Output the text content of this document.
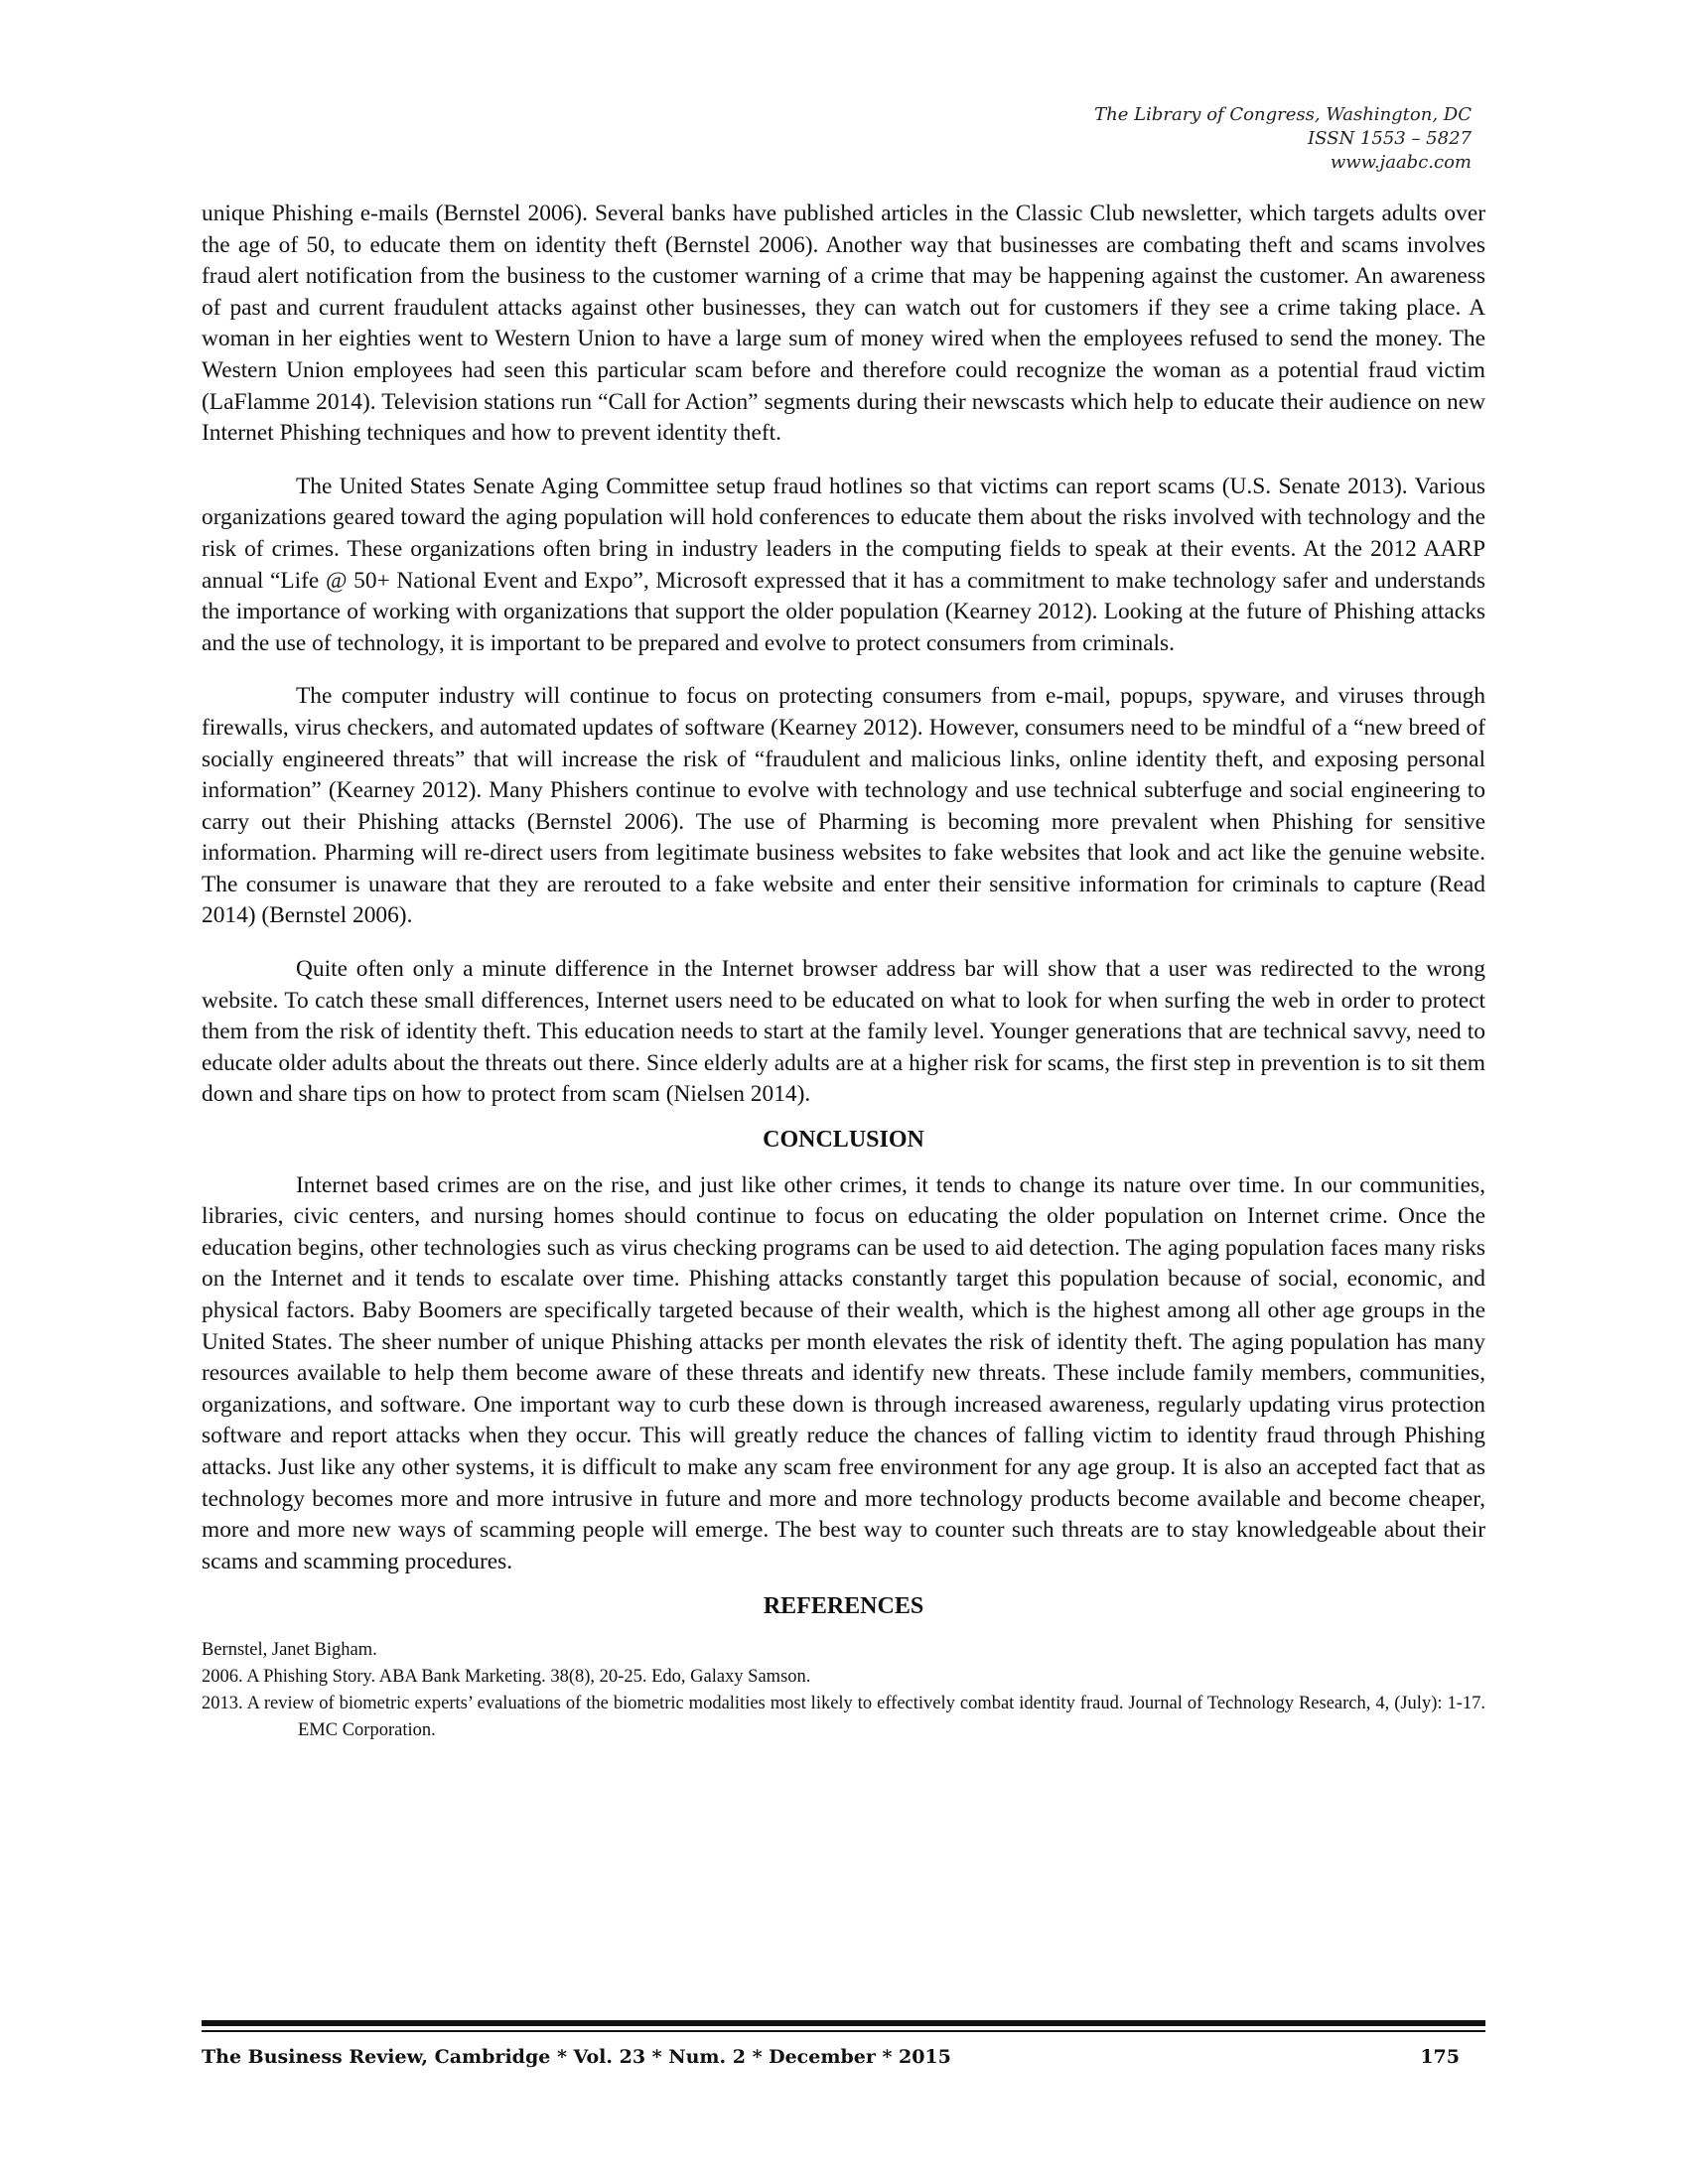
The Library of Congress, Washington, DC
ISSN 1553 – 5827
www.jaabc.com

unique Phishing e-mails (Bernstel 2006). Several banks have published articles in the Classic Club newsletter, which targets adults over the age of 50, to educate them on identity theft (Bernstel 2006). Another way that businesses are combating theft and scams involves fraud alert notification from the business to the customer warning of a crime that may be happening against the customer. An awareness of past and current fraudulent attacks against other businesses, they can watch out for customers if they see a crime taking place. A woman in her eighties went to Western Union to have a large sum of money wired when the employees refused to send the money. The Western Union employees had seen this particular scam before and therefore could recognize the woman as a potential fraud victim (LaFlamme 2014). Television stations run “Call for Action” segments during their newscasts which help to educate their audience on new Internet Phishing techniques and how to prevent identity theft.

The United States Senate Aging Committee setup fraud hotlines so that victims can report scams (U.S. Senate 2013). Various organizations geared toward the aging population will hold conferences to educate them about the risks involved with technology and the risk of crimes. These organizations often bring in industry leaders in the computing fields to speak at their events. At the 2012 AARP annual “Life @ 50+ National Event and Expo”, Microsoft expressed that it has a commitment to make technology safer and understands the importance of working with organizations that support the older population (Kearney 2012). Looking at the future of Phishing attacks and the use of technology, it is important to be prepared and evolve to protect consumers from criminals.

The computer industry will continue to focus on protecting consumers from e-mail, popups, spyware, and viruses through firewalls, virus checkers, and automated updates of software (Kearney 2012). However, consumers need to be mindful of a “new breed of socially engineered threats” that will increase the risk of “fraudulent and malicious links, online identity theft, and exposing personal information” (Kearney 2012). Many Phishers continue to evolve with technology and use technical subterfuge and social engineering to carry out their Phishing attacks (Bernstel 2006). The use of Pharming is becoming more prevalent when Phishing for sensitive information. Pharming will re-direct users from legitimate business websites to fake websites that look and act like the genuine website. The consumer is unaware that they are rerouted to a fake website and enter their sensitive information for criminals to capture (Read 2014) (Bernstel 2006).

Quite often only a minute difference in the Internet browser address bar will show that a user was redirected to the wrong website. To catch these small differences, Internet users need to be educated on what to look for when surfing the web in order to protect them from the risk of identity theft. This education needs to start at the family level. Younger generations that are technical savvy, need to educate older adults about the threats out there. Since elderly adults are at a higher risk for scams, the first step in prevention is to sit them down and share tips on how to protect from scam (Nielsen 2014).

CONCLUSION

Internet based crimes are on the rise, and just like other crimes, it tends to change its nature over time. In our communities, libraries, civic centers, and nursing homes should continue to focus on educating the older population on Internet crime. Once the education begins, other technologies such as virus checking programs can be used to aid detection. The aging population faces many risks on the Internet and it tends to escalate over time. Phishing attacks constantly target this population because of social, economic, and physical factors. Baby Boomers are specifically targeted because of their wealth, which is the highest among all other age groups in the United States. The sheer number of unique Phishing attacks per month elevates the risk of identity theft. The aging population has many resources available to help them become aware of these threats and identify new threats. These include family members, communities, organizations, and software. One important way to curb these down is through increased awareness, regularly updating virus protection software and report attacks when they occur. This will greatly reduce the chances of falling victim to identity fraud through Phishing attacks. Just like any other systems, it is difficult to make any scam free environment for any age group. It is also an accepted fact that as technology becomes more and more intrusive in future and more and more technology products become available and become cheaper, more and more new ways of scamming people will emerge. The best way to counter such threats are to stay knowledgeable about their scams and scamming procedures.

REFERENCES

Bernstel, Janet Bigham.

2006. A Phishing Story. ABA Bank Marketing. 38(8), 20-25. Edo, Galaxy Samson.

2013. A review of biometric experts’ evaluations of the biometric modalities most likely to effectively combat identity fraud. Journal of Technology Research, 4, (July): 1-17. EMC Corporation.

The Business Review, Cambridge * Vol. 23 * Num. 2 * December * 2015	175
